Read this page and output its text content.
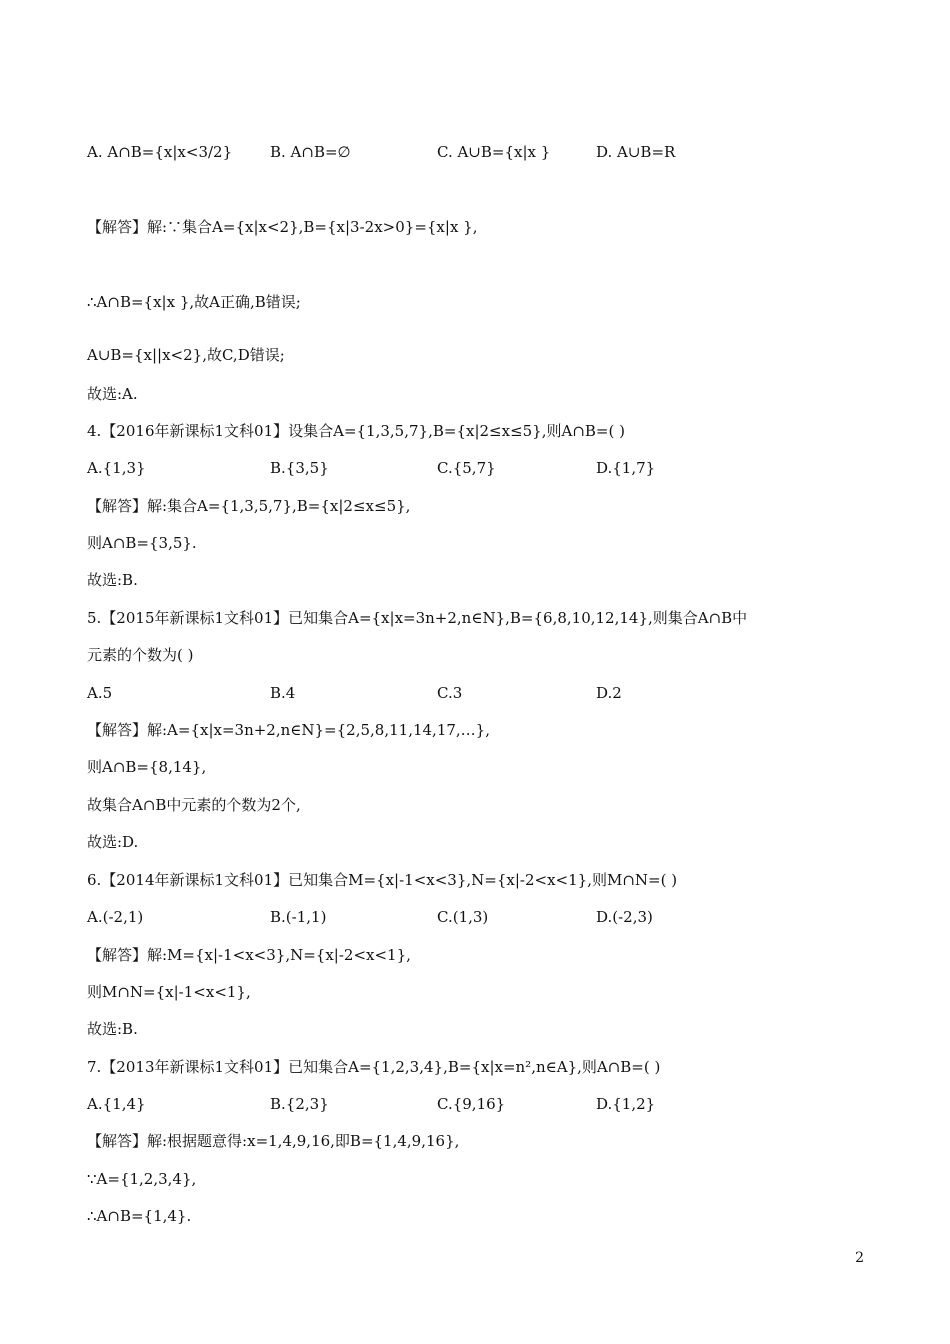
A. A∩B={x|x<3/2}	B. A∩B=∅	C. A∪B={x|x }	D. A∪B=R
【解答】解:∵集合A={x|x<2},B={x|3-2x>0}={x|x },
∴A∩B={x|x },故A正确,B错误;
A∪B={x||x<2},故C,D错误;
故选:A.
4.【2016年新课标1文科01】设集合A={1,3,5,7},B={x|2≤x≤5},则A∩B=( )
A.{1,3}	B.{3,5}	C.{5,7}	D.{1,7}
【解答】解:集合A={1,3,5,7},B={x|2≤x≤5},
则A∩B={3,5}.
故选:B.
5.【2015年新课标1文科01】已知集合A={x|x=3n+2,n∈N},B={6,8,10,12,14},则集合A∩B中
元素的个数为( )
A.5	B.4	C.3	D.2
【解答】解:A={x|x=3n+2,n∈N}={2,5,8,11,14,17,…},
则A∩B={8,14},
故集合A∩B中元素的个数为2个,
故选:D.
6.【2014年新课标1文科01】已知集合M={x|-1<x<3},N={x|-2<x<1},则M∩N=( )
A.(-2,1)	B.(-1,1)	C.(1,3)	D.(-2,3)
【解答】解:M={x|-1<x<3},N={x|-2<x<1},
则M∩N={x|-1<x<1},
故选:B.
7.【2013年新课标1文科01】已知集合A={1,2,3,4},B={x|x=n²,n∈A},则A∩B=( )
A.{1,4}	B.{2,3}	C.{9,16}	D.{1,2}
【解答】解:根据题意得:x=1,4,9,16,即B={1,4,9,16},
∵A={1,2,3,4},
∴A∩B={1,4}.
2
